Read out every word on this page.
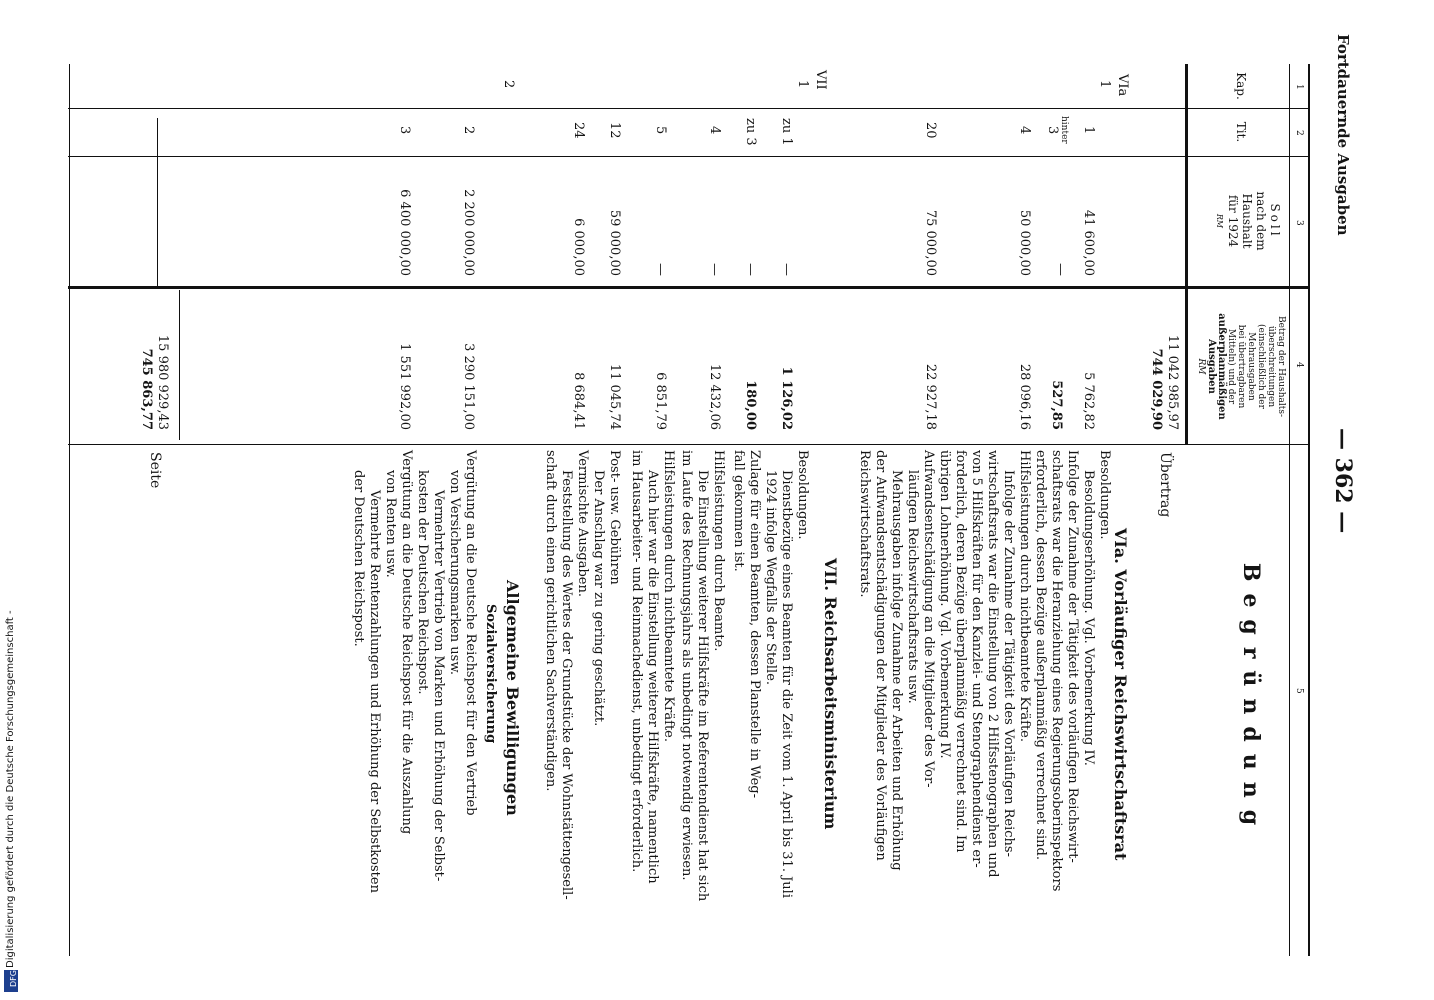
Digitalisierung gefördert durch die Deutsche Forschungsgemeinschaft -
DFG
Fortdauernde Ausgaben
— 362 —
1
2
3
4
5
Kap.
Tit.
Soll
nach dem
Haushalt
für 1924
RM
Betrag der Haushalts-
überschreitungen
(einschließlich der
Mehrausgaben
bei übertragbaren
Mitteln) und der
außerplanmäßigen
Ausgaben
RM
Begründung
11 042 985,97
744 029,90
Übertrag
VIa. Vorläufiger Reichswirtschaftsrat
VIa
1
Besoldungen.
1
41 600,00
5 762,82
Besoldungserhöhung. Vgl. Vorbemerkung IV.
Infolge der Zunahme der Tätigkeit des vorläufigen Reichswirt-
hinter
3
—
527,85
schaftsrats war die Heranziehung eines Regierungsoberinspektors
erforderlich, dessen Bezüge außerplanmäßig verrechnet sind.
4
50 000,00
28 096,16
Hilfsleistungen durch nichtbeamtete Kräfte.
Infolge der Zunahme der Tätigkeit des Vorläufigen Reichs-
wirtschaftsrats war die Einstellung von 2 Hilfsstenographen und
von 5 Hilfskräften für den Kanzlei- und Stenographendienst er-
forderlich, deren Bezüge überplanmäßig verrechnet sind. Im
übrigen Lohnerhöhung. Vgl. Vorbemerkung IV.
20
75 000,00
22 927,18
Aufwandsentschädigung an die Mitglieder des Vor-
läufigen Reichswirtschaftsrats usw.
Mehrausgaben infolge Zunahme der Arbeiten und Erhöhung
der Aufwandsentschädigungen der Mitglieder des Vorläufigen
Reichswirtschaftsrats.
VII. Reichsarbeitsministerium
VII
1
Besoldungen.
zu 1
—
1 126,02
Dienstbezüge eines Beamten für die Zeit vom 1. April bis 31. Juli
1924 infolge Wegfalls der Stelle.
zu 3
—
180,00
Zulage für einen Beamten, dessen Planstelle in Weg-
fall gekommen ist.
4
—
12 432,06
Hilfsleistungen durch Beamte.
Die Einstellung weiterer Hilfskräfte im Referentendienst hat sich
im Laufe des Rechnungsjahrs als unbedingt notwendig erwiesen.
5
—
6 851,79
Hilfsleistungen durch nichtbeamtete Kräfte.
Auch hier war die Einstellung weiterer Hilfskräfte, namentlich
im Hausarbeiter- und Reinmachedienst, unbedingt erforderlich.
12
59 000,00
11 045,74
Post- usw. Gebühren
Der Anschlag war zu gering geschätzt.
24
6 000,00
8 684,41
Vermischte Ausgaben.
Feststellung des Wertes der Grundstücke der Wohnstättengesell-
schaft durch einen gerichtlichen Sachverständigen.
2
Allgemeine Bewilligungen
Sozialversicherung
2
2 200 000,00
3 290 151,00
Vergütung an die Deutsche Reichspost für den Vertrieb
von Versicherungsmarken usw.
Vermehrter Vertrieb von Marken und Erhöhung der Selbst-
kosten der Deutschen Reichspost.
3
6 400 000,00
1 551 992,00
Vergütung an die Deutsche Reichspost für die Auszahlung
von Renten usw.
Vermehrte Rentenzahlungen und Erhöhung der Selbstkosten
der Deutschen Reichspost.
15 980 929,43
745 863,77
Seite
